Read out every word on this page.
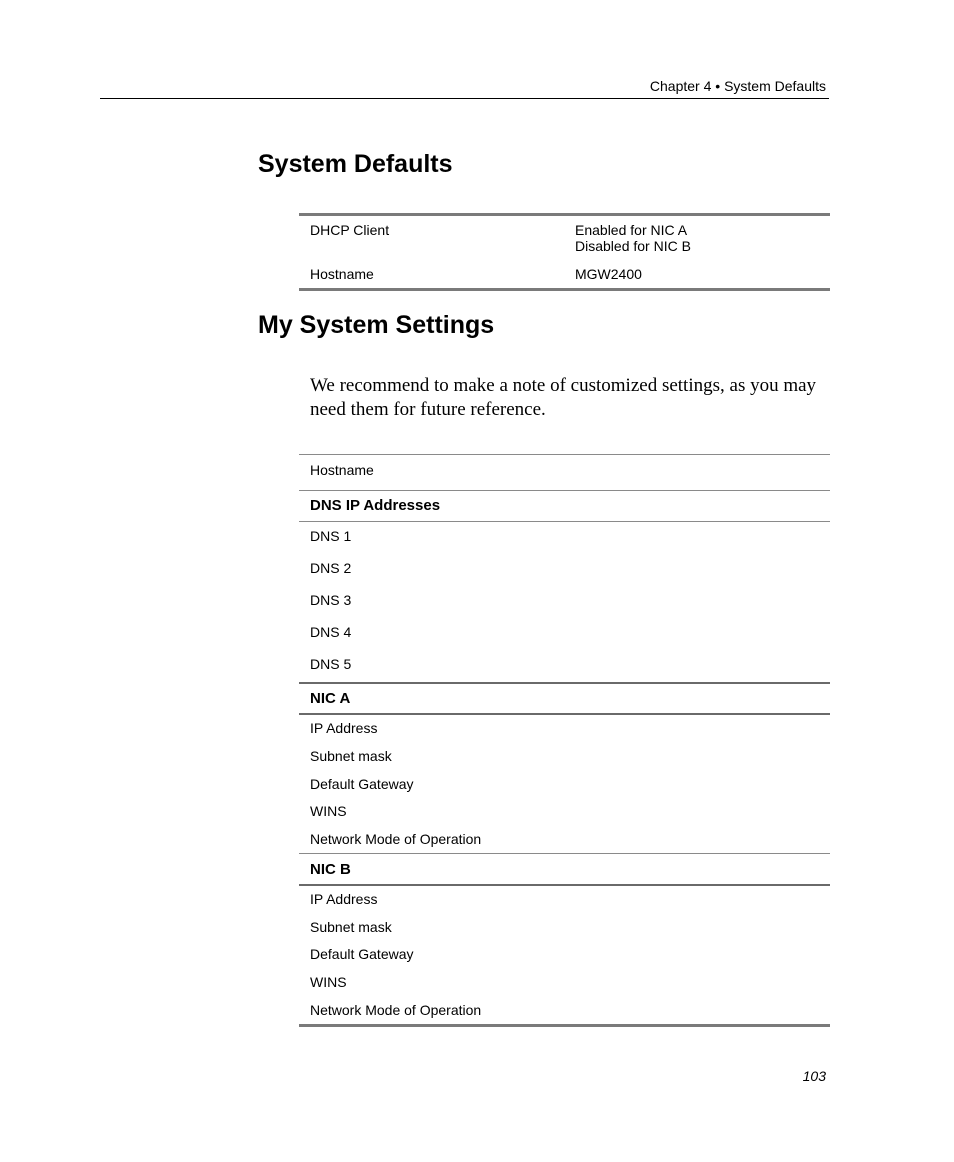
Chapter 4 • System Defaults
System Defaults
DHCP Client	Enabled for NIC A
Disabled for NIC B
Hostname	MGW2400
My System Settings

We recommend to make a note of customized settings, as you may need them for future reference.

Hostname
DNS IP Addresses
DNS 1
DNS 2
DNS 3
DNS 4
DNS 5
NIC A
IP Address
Subnet mask
Default Gateway
WINS
Network Mode of Operation
NIC B
IP Address
Subnet mask
Default Gateway
WINS
Network Mode of Operation
103
